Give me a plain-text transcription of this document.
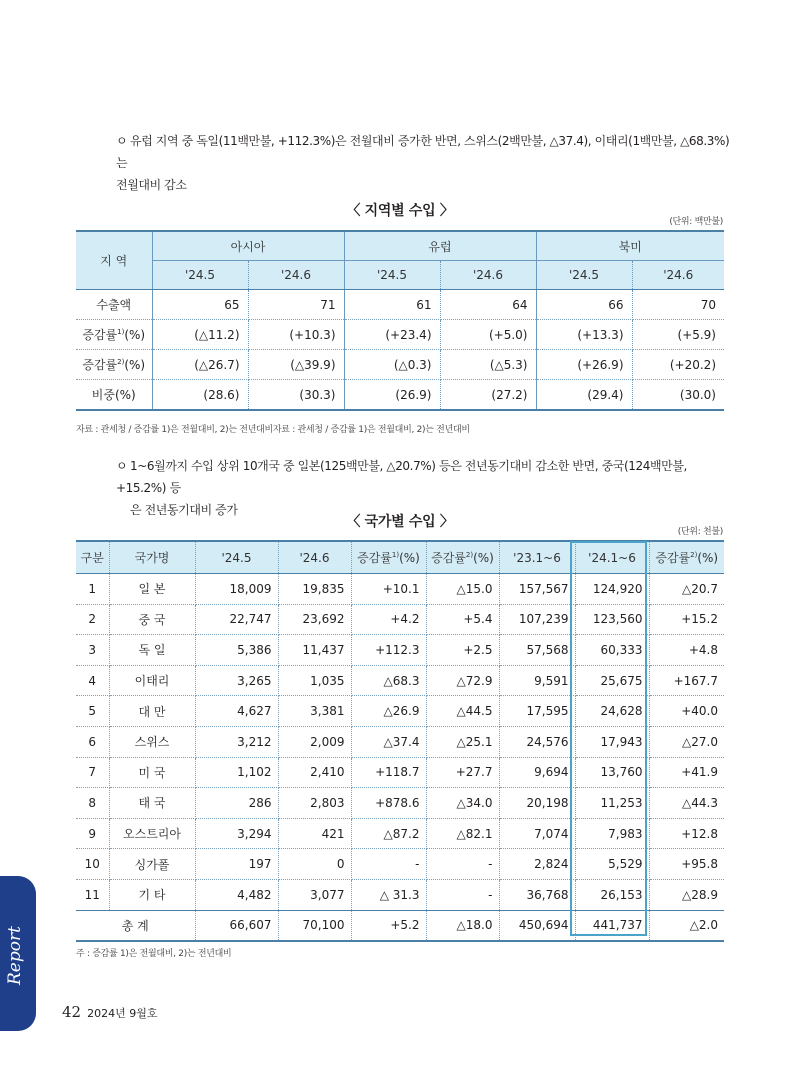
ㅇ 유럽 지역 중 독일(11백만불, +112.3%)은 전월대비 증가한 반면, 스위스(2백만불, △37.4), 이태리(1백만불, △68.3%)는
전월대비 감소
〈 지역별 수입 〉
(단위: 백만불)
지 역	아시아		유럽		북미	
	'24.5	'24.6	'24.5	'24.6	'24.5	'24.6
수출액	65	71	61	64	66	70
증감률$^{1)}$(%)	(△11.2)	(+10.3)	(+23.4)	(+5.0)	(+13.3)	(+5.9)
증감률$^{2)}$(%)	(△26.7)	(△39.9)	(△0.3)	(△5.3)	(+26.9)	(+20.2)
비중(%)	(28.6)	(30.3)	(26.9)	(27.2)	(29.4)	(30.0)
자료 : 관세청 / 증감률 1)은 전월대비, 2)는 전년대비자료 : 관세청 / 증감률 1)은 전월대비, 2)는 전년대비
ㅇ 1~6월까지 수입 상위 10개국 중 일본(125백만불, △20.7%) 등은 전년동기대비 감소한 반면, 중국(124백만불, +15.2%) 등
은 전년동기대비 증가
〈 국가별 수입 〉
(단위: 천불)
구분	국가명	'24.5	'24.6	증감률$^{1)}$(%)	증감률$^{2)}$(%)	'23.1~6	'24.1~6	증감률$^{2)}$(%)
1	일 본	18,009	19,835	+10.1	△15.0	157,567	124,920	△20.7
2	중 국	22,747	23,692	+4.2	+5.4	107,239	123,560	+15.2
3	독 일	5,386	11,437	+112.3	+2.5	57,568	60,333	+4.8
4	이태리	3,265	1,035	△68.3	△72.9	9,591	25,675	+167.7
5	대 만	4,627	3,381	△26.9	△44.5	17,595	24,628	+40.0
6	스위스	3,212	2,009	△37.4	△25.1	24,576	17,943	△27.0
7	미 국	1,102	2,410	+118.7	+27.7	9,694	13,760	+41.9
8	태 국	286	2,803	+878.6	△34.0	20,198	11,253	△44.3
9	오스트리아	3,294	421	△87.2	△82.1	7,074	7,983	+12.8
10	싱가폴	197	0	-	-	2,824	5,529	+95.8
11	기 타	4,482	3,077	△ 31.3	-	36,768	26,153	△28.9
총 계		66,607	70,100	+5.2	△18.0	450,694	441,737	△2.0
주 : 증감률 1)은 전월대비, 2)는 전년대비
Report
42 2024년 9월호
